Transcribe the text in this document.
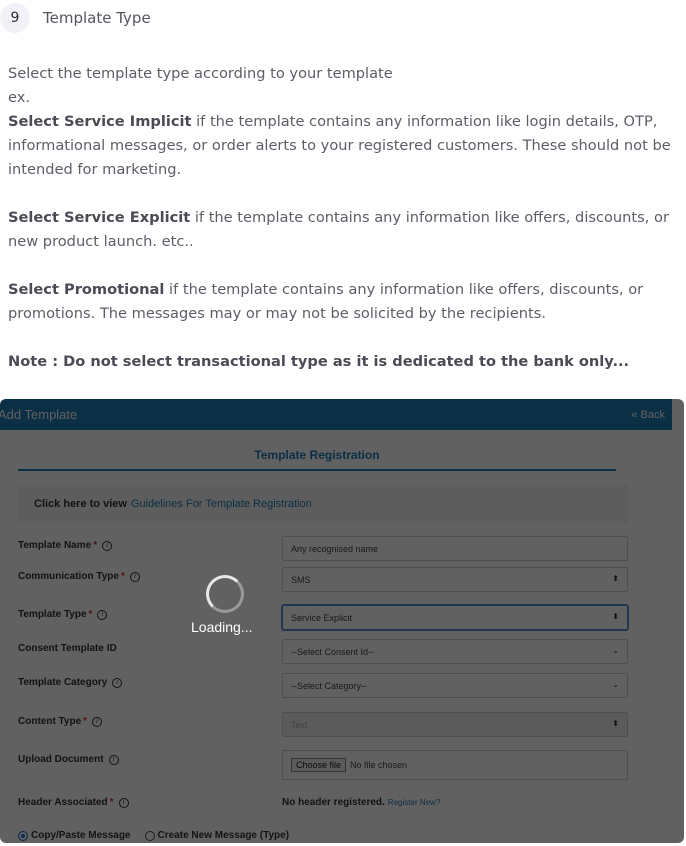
9	Template Type

Select the template type according to your template

ex.

Select Service Implicit if the template contains any information like login details, OTP, informational messages, or order alerts to your registered customers. These should not be intended for marketing.

Select Service Explicit if the template contains any information like offers, discounts, or new product launch. etc..

Select Promotional if the template contains any information like offers, discounts, or promotions. The messages may or may not be solicited by the recipients.

Note : Do not select transactional type as it is dedicated to the bank only...

Loading...
